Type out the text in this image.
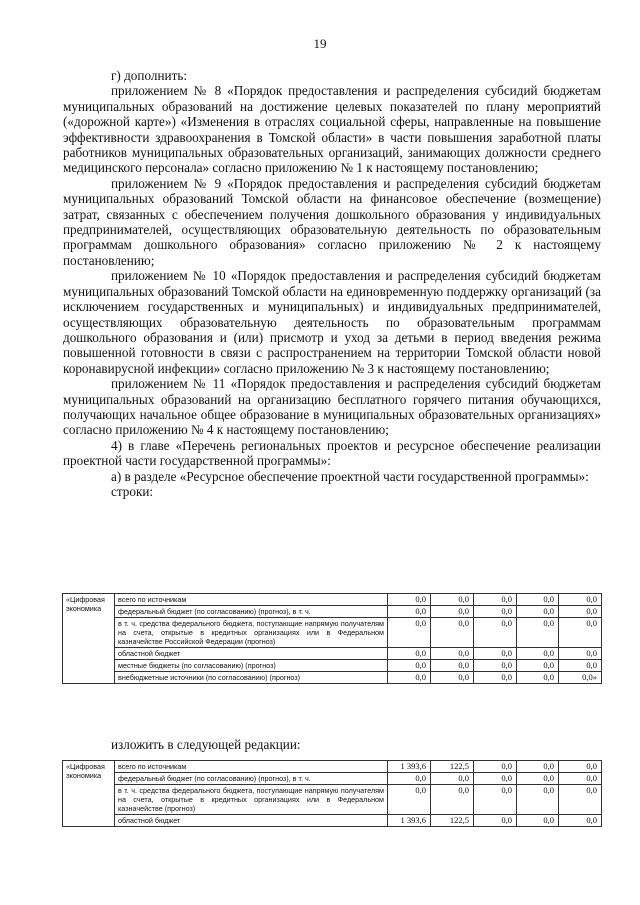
19

г) дополнить:

приложением № 8 «Порядок предоставления и распределения субсидий бюджетам муниципальных образований на достижение целевых показателей по плану мероприятий («дорожной карте») «Изменения в отраслях социальной сферы, направленные на повышение эффективности здравоохранения в Томской области» в части повышения заработной платы работников муниципальных образовательных организаций, занимающих должности среднего медицинского персонала» согласно приложению № 1 к настоящему постановлению;

приложением № 9 «Порядок предоставления и распределения субсидий бюджетам муниципальных образований Томской области на финансовое обеспечение (возмещение) затрат, связанных с обеспечением получения дошкольного образования у индивидуальных предпринимателей, осуществляющих образовательную деятельность по образовательным программам дошкольного образования» согласно приложению № 2 к настоящему постановлению;

приложением № 10 «Порядок предоставления и распределения субсидий бюджетам муниципальных образований Томской области на единовременную поддержку организаций (за исключением государственных и муниципальных) и индивидуальных предпринимателей, осуществляющих образовательную деятельность по образовательным программам дошкольного образования и (или) присмотр и уход за детьми в период введения режима повышенной готовности в связи с распространением на территории Томской области новой коронавирусной инфекции» согласно приложению № 3 к настоящему постановлению;

приложением № 11 «Порядок предоставления и распределения субсидий бюджетам муниципальных образований на организацию бесплатного горячего питания обучающихся, получающих начальное общее образование в муниципальных образовательных организациях» согласно приложению № 4 к настоящему постановлению;

4) в главе «Перечень региональных проектов и ресурсное обеспечение реализации проектной части государственной программы»:

а) в разделе «Ресурсное обеспечение проектной части государственной программы»:

строки:

«Цифровая экономика	всего по источникам	0,0	0,0	0,0	0,0	0,0
	федеральный бюджет (по согласованию) (прогноз), в т. ч.	0,0	0,0	0,0	0,0	0,0
	в т. ч. средства федерального бюджета, поступающие напрямую получателям на счета, открытые в кредитных организациях или в Федеральном казначействе Российской Федерации (прогноз)	0,0	0,0	0,0	0,0	0,0
	областной бюджет	0,0	0,0	0,0	0,0	0,0
	местные бюджеты (по согласованию) (прогноз)	0,0	0,0	0,0	0,0	0,0
	внебюджетные источники (по согласованию) (прогноз)	0,0	0,0	0,0	0,0	0,0»
изложить в следующей редакции:
«Цифровая экономика	всего по источникам	1 393,6	122,5	0,0	0,0	0,0
	федеральный бюджет (по согласованию) (прогноз), в т. ч.	0,0	0,0	0,0	0,0	0,0
	в т. ч. средства федерального бюджета, поступающие напрямую получателям на счета, открытые в кредитных организациях или в Федеральном казначействе (прогноз)	0,0	0,0	0,0	0,0	0,0
	областной бюджет	1 393,6	122,5	0,0	0,0	0,0
